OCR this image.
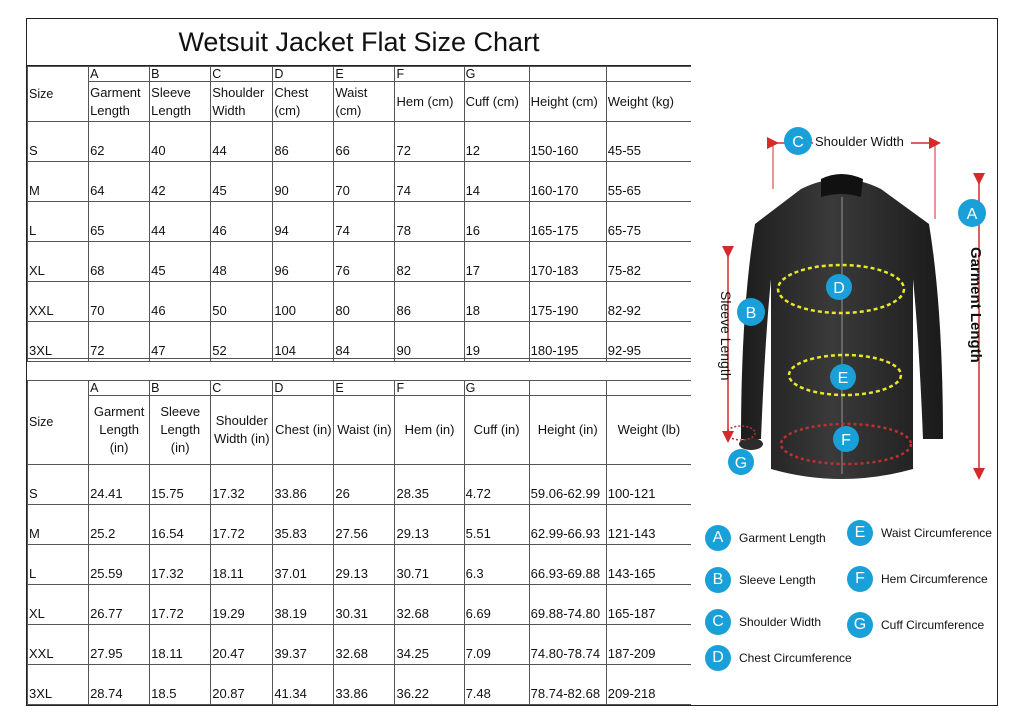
Wetsuit Jacket Flat Size Chart
Size	A	B	C	D	E	F	G		
	Garment Length	Sleeve Length	Shoulder Width	Chest (cm)	Waist (cm)	Hem (cm)	Cuff (cm)	Height (cm)	Weight (kg)
S	62	40	44	86	66	72	12	150-160	45-55
M	64	42	45	90	70	74	14	160-170	55-65
L	65	44	46	94	74	78	16	165-175	65-75
XL	68	45	48	96	76	82	17	170-183	75-82
XXL	70	46	50	100	80	86	18	175-190	82-92
3XL	72	47	52	104	84	90	19	180-195	92-95
Size	A	B	C	D	E	F	G		
	Garment Length (in)	Sleeve Length (in)	Shoulder Width (in)	Chest (in)	Waist (in)	Hem (in)	Cuff (in)	Height (in)	Weight (lb)
S	24.41	15.75	17.32	33.86	26	28.35	4.72	59.06-62.99	100-121
M	25.2	16.54	17.72	35.83	27.56	29.13	5.51	62.99-66.93	121-143
L	25.59	17.32	18.11	37.01	29.13	30.71	6.3	66.93-69.88	143-165
XL	26.77	17.72	19.29	38.19	30.31	32.68	6.69	69.88-74.80	165-187
XXL	27.95	18.11	20.47	39.37	32.68	34.25	7.09	74.80-78.74	187-209
3XL	28.74	18.5	20.87	41.34	33.86	36.22	7.48	78.74-82.68	209-218
C Shoulder Width
A
Garment Length
B
Sleeve Length
D
E
F
G
A	Garment Length	E	Waist Circumference
B	Sleeve Length	F	Hem Circumference
C	Shoulder Width	G	Cuff Circumference
D	Chest Circumference
